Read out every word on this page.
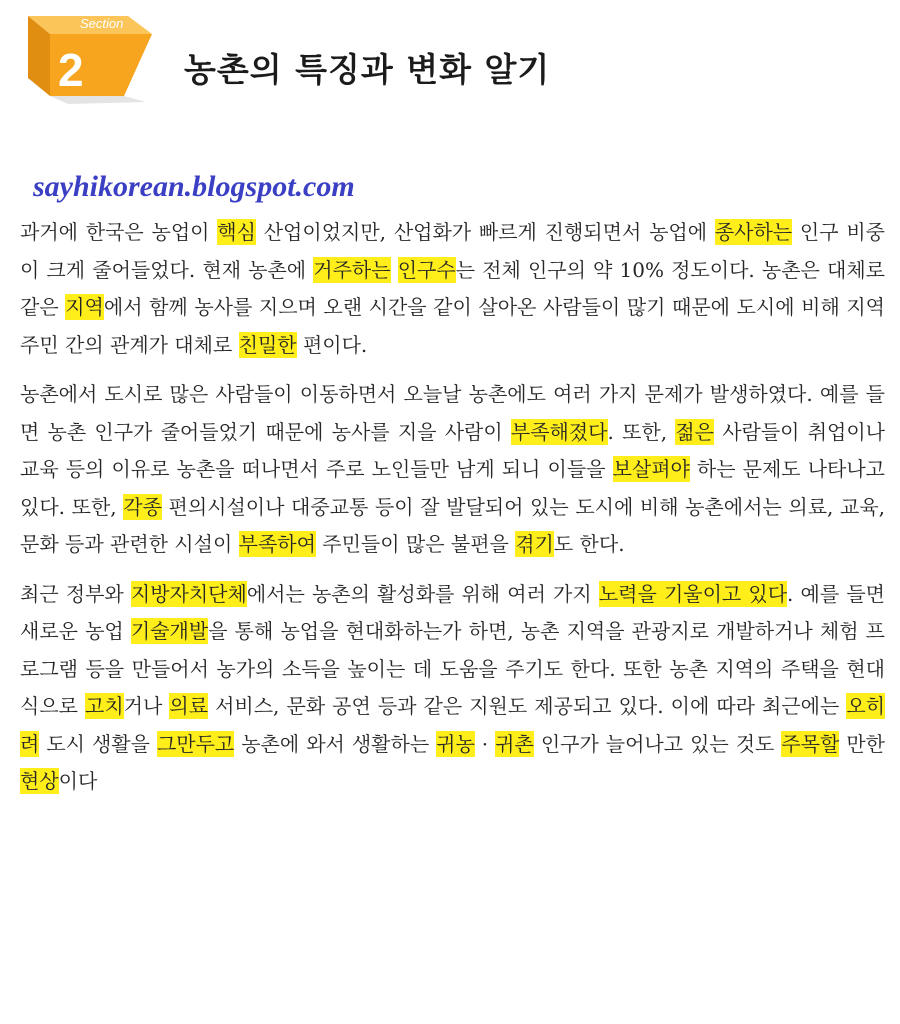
Section
2	농촌의 특징과 변화 알기
sayhikorean.blogspot.com

과거에 한국은 농업이 핵심 산업이었지만, 산업화가 빠르게 진행되면서 농업에 종사하는 인구 비중이 크게 줄어들었다. 현재 농촌에 거주하는 인구수는 전체 인구의 약 10% 정도이다. 농촌은 대체로 같은 지역에서 함께 농사를 지으며 오랜 시간을 같이 살아온 사람들이 많기 때문에 도시에 비해 지역 주민 간의 관계가 대체로 친밀한 편이다.

농촌에서 도시로 많은 사람들이 이동하면서 오늘날 농촌에도 여러 가지 문제가 발생하였다. 예를 들면 농촌 인구가 줄어들었기 때문에 농사를 지을 사람이 부족해졌다. 또한, 젊은 사람들이 취업이나 교육 등의 이유로 농촌을 떠나면서 주로 노인들만 남게 되니 이들을 보살펴야 하는 문제도 나타나고 있다. 또한, 각종 편의시설이나 대중교통 등이 잘 발달되어 있는 도시에 비해 농촌에서는 의료, 교육, 문화 등과 관련한 시설이 부족하여 주민들이 많은 불편을 겪기도 한다.

최근 정부와 지방자치단체에서는 농촌의 활성화를 위해 여러 가지 노력을 기울이고 있다. 예를 들면 새로운 농업 기술개발을 통해 농업을 현대화하는가 하면, 농촌 지역을 관광지로 개발하거나 체험 프로그램 등을 만들어서 농가의 소득을 높이는 데 도움을 주기도 한다. 또한 농촌 지역의 주택을 현대식으로 고치거나 의료 서비스, 문화 공연 등과 같은 지원도 제공되고 있다. 이에 따라 최근에는 오히려 도시 생활을 그만두고 농촌에 와서 생활하는 귀농 · 귀촌 인구가 늘어나고 있는 것도 주목할 만한 현상이다
